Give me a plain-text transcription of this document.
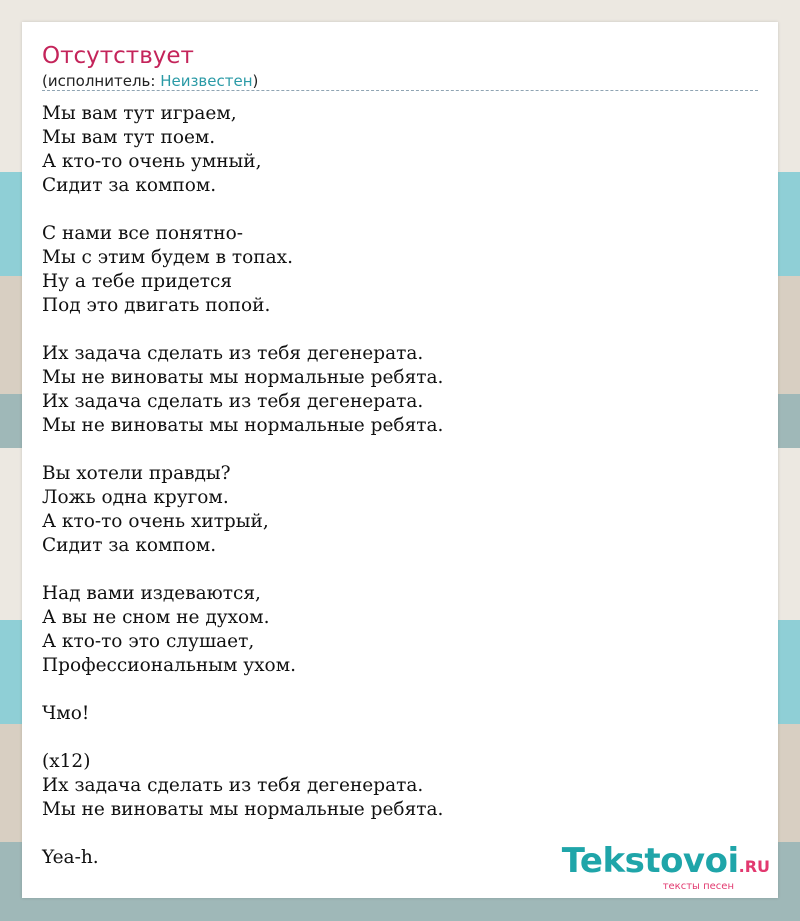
Отсутствует
(исполнитель: Неизвестен)
Мы вам тут играем,
Мы вам тут поем.
А кто-то очень умный,
Сидит за компом.
С нами все понятно-
Мы с этим будем в топах.
Ну а тебе придется
Под это двигать попой.
Их задача сделать из тебя дегенерата.
Мы не виноваты мы нормальные ребята.
Их задача сделать из тебя дегенерата.
Мы не виноваты мы нормальные ребята.
Вы хотели правды?
Ложь одна кругом.
А кто-то очень хитрый,
Сидит за компом.
Над вами издеваются,
А вы не сном не духом.
А кто-то это слушает,
Профессиональным ухом.
Чмо!
(x12)
Их задача сделать из тебя дегенерата.
Мы не виноваты мы нормальные ребята.
Yea-h.	Tekstovoi.RU
тексты песен
